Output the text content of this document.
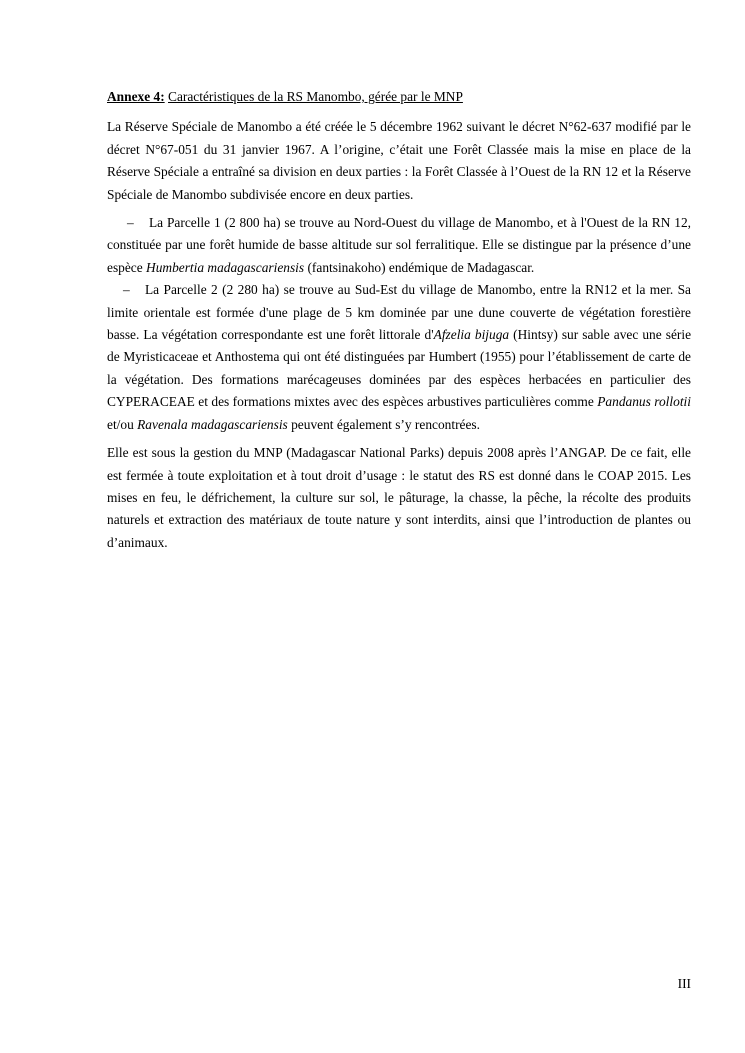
Annexe 4: Caractéristiques de la RS Manombo, gérée par le MNP

La Réserve Spéciale de Manombo a été créée le 5 décembre 1962 suivant le décret N°62-637 modifié par le décret N°67-051 du 31 janvier 1967. A l’origine, c’était une Forêt Classée mais la mise en place de la Réserve Spéciale a entraîné sa division en deux parties : la Forêt Classée à l’Ouest de la RN 12 et la Réserve Spéciale de Manombo subdivisée encore en deux parties.

– La Parcelle 1 (2 800 ha) se trouve au Nord-Ouest du village de Manombo, et à l'Ouest de la RN 12, constituée par une forêt humide de basse altitude sur sol ferralitique. Elle se distingue par la présence d’une espèce Humbertia madagascariensis (fantsinakoho) endémique de Madagascar.

– La Parcelle 2 (2 280 ha) se trouve au Sud-Est du village de Manombo, entre la RN12 et la mer. Sa limite orientale est formée d'une plage de 5 km dominée par une dune couverte de végétation forestière basse. La végétation correspondante est une forêt littorale d'Afzelia bijuga (Hintsy) sur sable avec une série de Myristicaceae et Anthostema qui ont été distinguées par Humbert (1955) pour l’établissement de carte de la végétation. Des formations marécageuses dominées par des espèces herbacées en particulier des CYPERACEAE et des formations mixtes avec des espèces arbustives particulières comme Pandanus rollotii et/ou Ravenala madagascariensis peuvent également s’y rencontrées.

Elle est sous la gestion du MNP (Madagascar National Parks) depuis 2008 après l’ANGAP. De ce fait, elle est fermée à toute exploitation et à tout droit d’usage : le statut des RS est donné dans le COAP 2015. Les mises en feu, le défrichement, la culture sur sol, le pâturage, la chasse, la pêche, la récolte des produits naturels et extraction des matériaux de toute nature y sont interdits, ainsi que l’introduction de plantes ou d’animaux.

III
